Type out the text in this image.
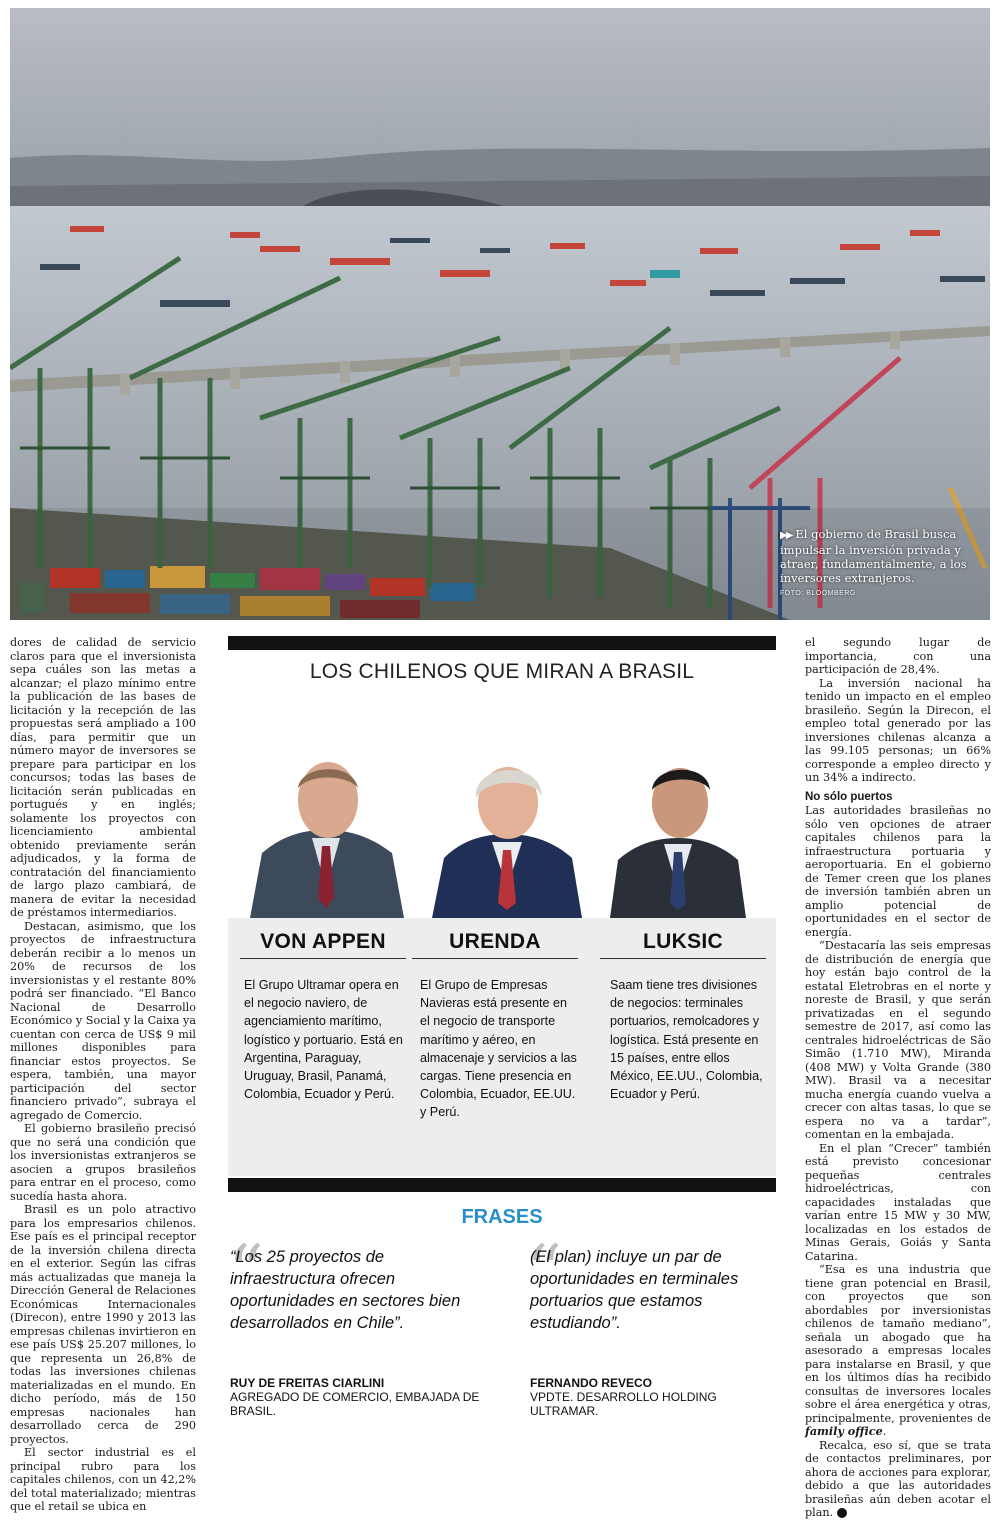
▶▶ El gobierno de Brasil busca impulsar la inversión privada y atraer, fundamentalmente, a los inversores extranjeros.
FOTO: BLOOMBERG

dores de calidad de servicio claros para que el inversionista sepa cuáles son las metas a alcanzar; el plazo mínimo entre la publicación de las bases de licitación y la recepción de las propuestas será ampliado a 100 días, para permitir que un número mayor de inversores se prepare para participar en los concursos; todas las bases de licitación serán publicadas en portugués y en inglés; solamente los proyectos con licenciamiento ambiental obtenido previamente serán adjudicados, y la forma de contratación del financiamiento de largo plazo cambiará, de manera de evitar la necesidad de préstamos intermediarios.

Destacan, asimismo, que los proyectos de infraestructura deberán recibir a lo menos un 20% de recursos de los inversionistas y el restante 80% podrá ser financiado. “El Banco Nacional de Desarrollo Económico y Social y la Caixa ya cuentan con cerca de US$ 9 mil millones disponibles para financiar estos proyectos. Se espera, también, una mayor participación del sector financiero privado”, subraya el agregado de Comercio.

El gobierno brasileño precisó que no será una condición que los inversionistas extranjeros se asocien a grupos brasileños para entrar en el proceso, como sucedía hasta ahora.

Brasil es un polo atractivo para los empresarios chilenos. Ese país es el principal receptor de la inversión chilena directa en el exterior. Según las cifras más actualizadas que maneja la Dirección General de Relaciones Económicas Internacionales (Direcon), entre 1990 y 2013 las empresas chilenas invirtieron en ese país US$ 25.207 millones, lo que representa un 26,8% de todas las inversiones chilenas materializadas en el mundo. En dicho período, más de 150 empresas nacionales han desarrollado cerca de 290 proyectos.

El sector industrial es el principal rubro para los capitales chilenos, con un 42,2% del total materializado; mientras que el retail se ubica en

LOS CHILENOS QUE MIRAN A BRASIL
VON APPEN	URENDA	LUKSIC
El Grupo Ultramar opera en el negocio naviero, de agenciamiento marítimo, logístico y portuario. Está en Argentina, Paraguay, Uruguay, Brasil, Panamá, Colombia, Ecuador y Perú.
El Grupo de Empresas Navieras está presente en el negocio de transporte marítimo y aéreo, en almacenaje y servicios a las cargas. Tiene presencia en Colombia, Ecuador, EE.UU. y Perú.
Saam tiene tres divisiones de negocios: terminales portuarios, remolcadores y logística. Está presente en 15 países, entre ellos México, EE.UU., Colombia, Ecuador y Perú.
FRASES
“	“
“Los 25 proyectos de infraestructura ofrecen oportunidades en sectores bien desarrollados en Chile”.
(El plan) incluye un par de oportunidades en terminales portuarios que estamos estudiando”.
RUY DE FREITAS CIARLINI
AGREGADO DE COMERCIO, EMBAJADA DE BRASIL.
FERNANDO REVECO
VPDTE. DESARROLLO HOLDING ULTRAMAR.

el segundo lugar de importancia, con una participación de 28,4%.

La inversión nacional ha tenido un impacto en el empleo brasileño. Según la Direcon, el empleo total generado por las inversiones chilenas alcanza a las 99.105 personas; un 66% corresponde a empleo directo y un 34% a indirecto.

No sólo puertos

Las autoridades brasileñas no sólo ven opciones de atraer capitales chilenos para la infraestructura portuaria y aeroportuaria. En el gobierno de Temer creen que los planes de inversión también abren un amplio potencial de oportunidades en el sector de energía.

“Destacaría las seis empresas de distribución de energía que hoy están bajo control de la estatal Eletrobras en el norte y noreste de Brasil, y que serán privatizadas en el segundo semestre de 2017, así como las centrales hidroeléctricas de São Simão (1.710 MW), Miranda (408 MW) y Volta Grande (380 MW). Brasil va a necesitar mucha energía cuando vuelva a crecer con altas tasas, lo que se espera no va a tardar”, comentan en la embajada.

En el plan “Crecer” también está previsto concesionar pequeñas centrales hidroeléctricas, con capacidades instaladas que varían entre 15 MW y 30 MW, localizadas en los estados de Minas Gerais, Goiás y Santa Catarina.

“Esa es una industria que tiene gran potencial en Brasil, con proyectos que son abordables por inversionistas chilenos de tamaño mediano”, señala un abogado que ha asesorado a empresas locales para instalarse en Brasil, y que en los últimos días ha recibido consultas de inversores locales sobre el área energética y otras, principalmente, provenientes de family office.

Recalca, eso sí, que se trata de contactos preliminares, por ahora de acciones para explorar, debido a que las autoridades brasileñas aún deben acotar el plan.	N
